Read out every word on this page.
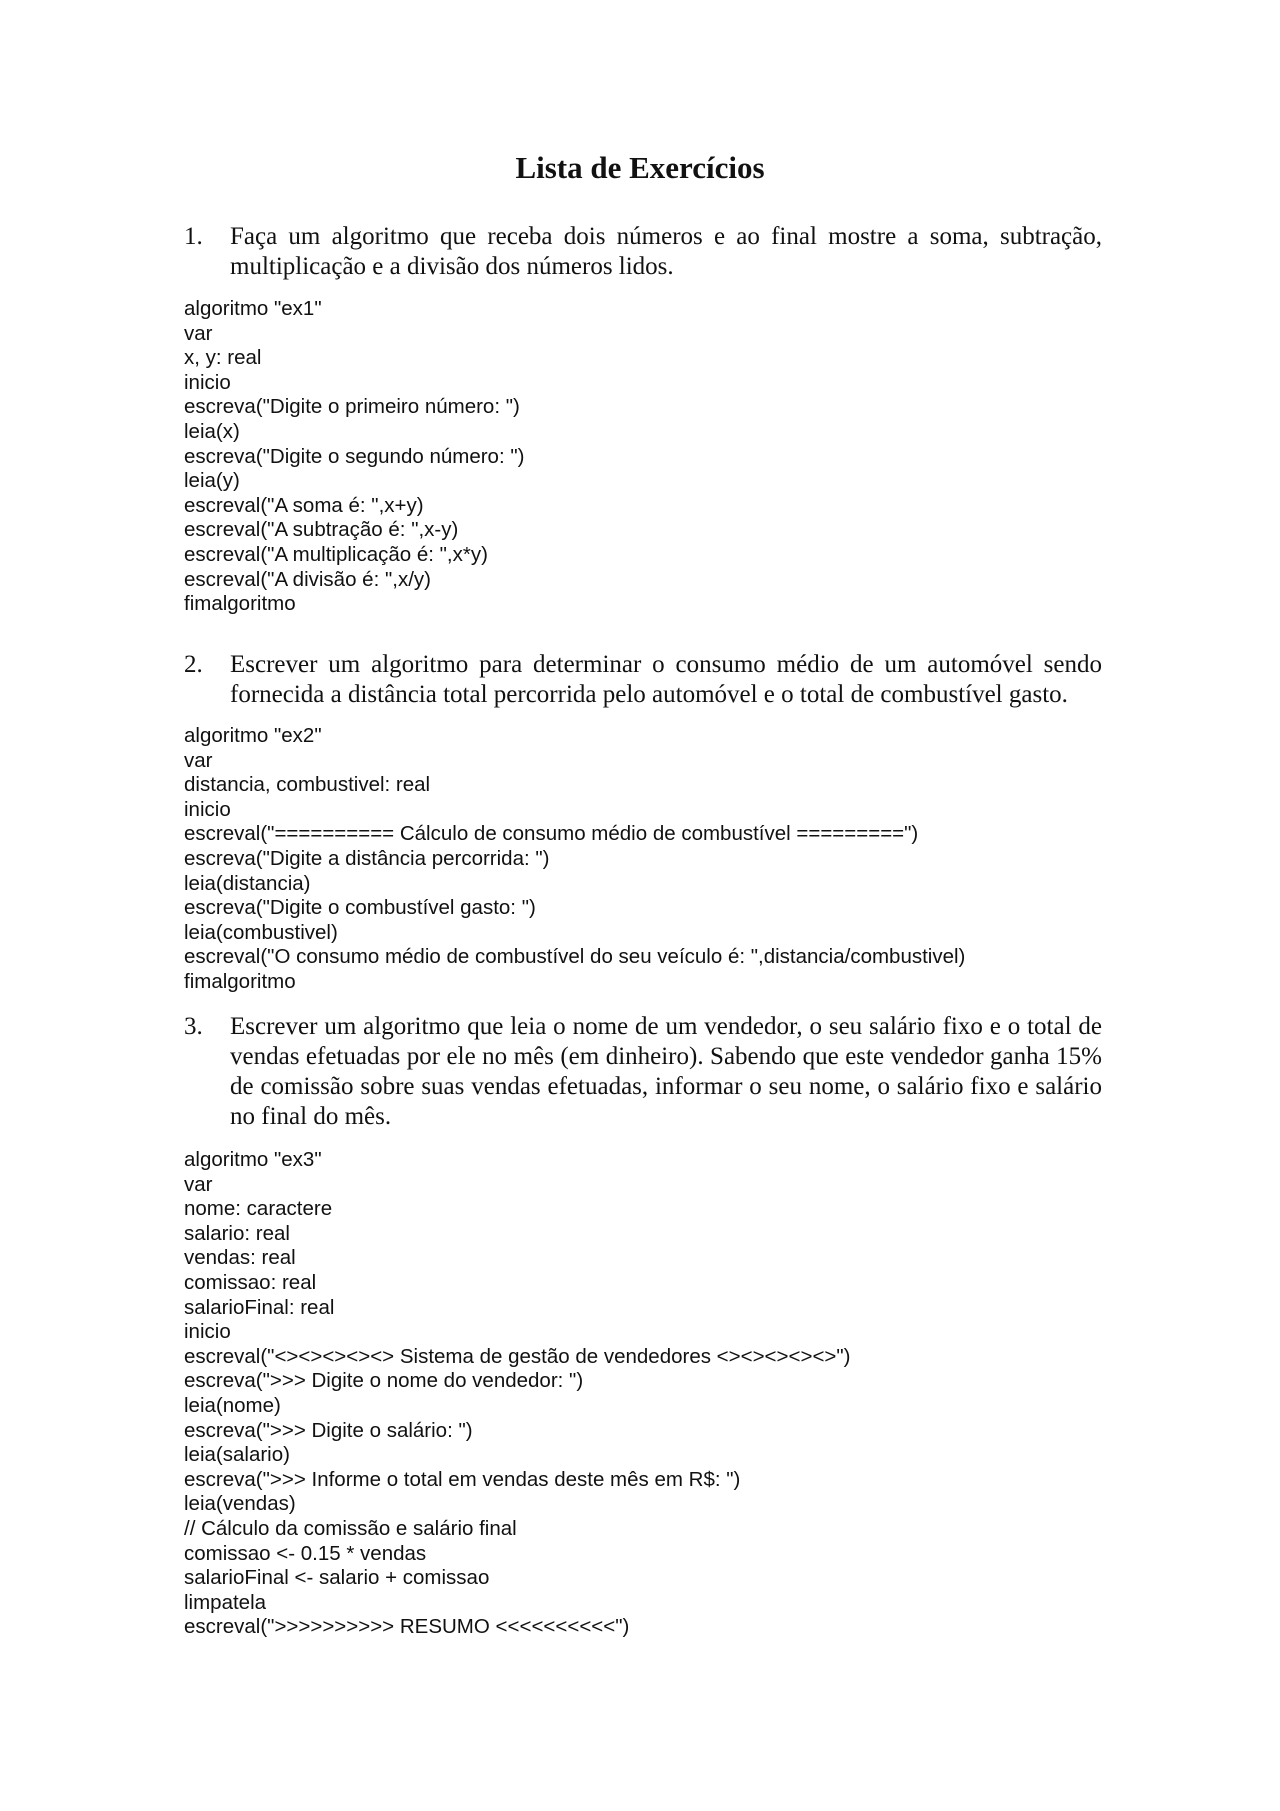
Lista de Exercícios
1.	Faça um algoritmo que receba dois números e ao final mostre a soma, subtração, multiplicação e a divisão dos números lidos.
algoritmo "ex1"
var
x, y: real
inicio
escreva("Digite o primeiro número: ")
leia(x)
escreva("Digite o segundo número: ")
leia(y)
escreval("A soma é: ",x+y)
escreval("A subtração é: ",x-y)
escreval("A multiplicação é: ",x*y)
escreval("A divisão é: ",x/y)
fimalgoritmo
2.	Escrever um algoritmo para determinar o consumo médio de um automóvel sendo fornecida a distância total percorrida pelo automóvel e o total de combustível gasto.
algoritmo "ex2"
var
distancia, combustivel: real
inicio
escreval("========== Cálculo de consumo médio de combustível =========")
escreva("Digite a distância percorrida: ")
leia(distancia)
escreva("Digite o combustível gasto: ")
leia(combustivel)
escreval("O consumo médio de combustível do seu veículo é: ",distancia/combustivel)
fimalgoritmo
3.	Escrever um algoritmo que leia o nome de um vendedor, o seu salário fixo e o total de vendas efetuadas por ele no mês (em dinheiro). Sabendo que este vendedor ganha 15% de comissão sobre suas vendas efetuadas, informar o seu nome, o salário fixo e salário no final do mês.
algoritmo "ex3"
var
nome: caractere
salario: real
vendas: real
comissao: real
salarioFinal: real
inicio
escreval("<><><><><> Sistema de gestão de vendedores <><><><><>")
escreva(">>> Digite o nome do vendedor: ")
leia(nome)
escreva(">>> Digite o salário: ")
leia(salario)
escreva(">>> Informe o total em vendas deste mês em R$: ")
leia(vendas)
// Cálculo da comissão e salário final
comissao <- 0.15 * vendas
salarioFinal <- salario + comissao
limpatela
escreval(">>>>>>>>>> RESUMO <<<<<<<<<<")
